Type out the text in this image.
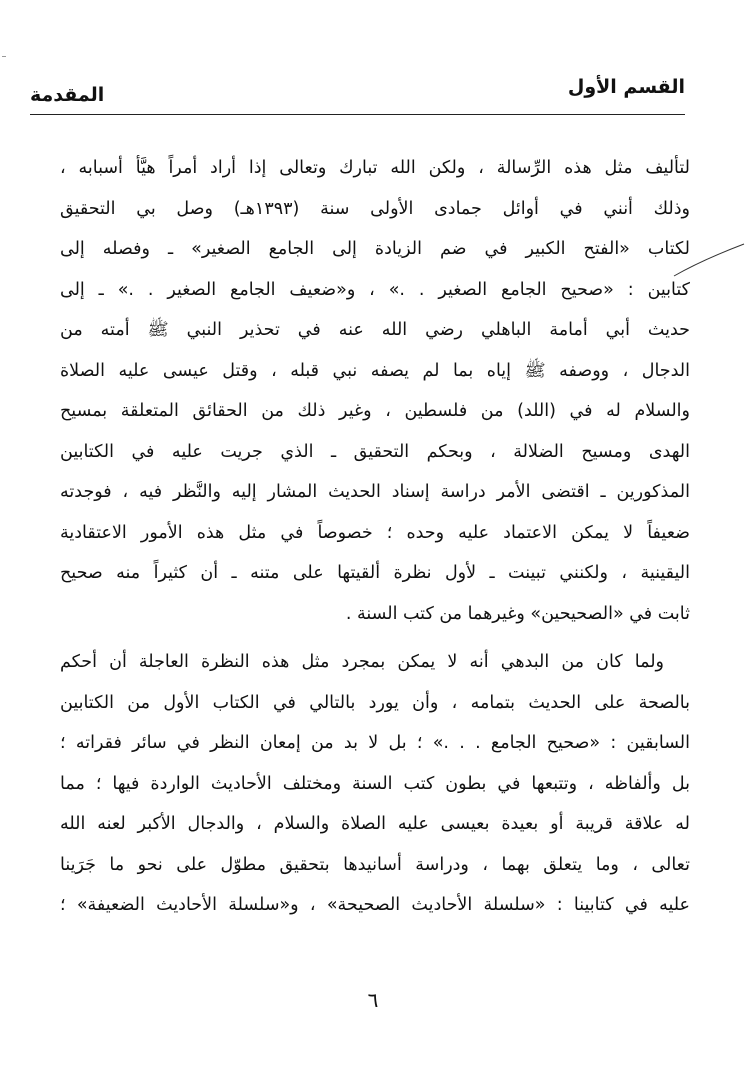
القسم الأول
المقدمة
لتأليف مثل هذه الرِّسالة ، ولكن الله تبارك وتعالى إذا أراد أمراً هيَّأ أسبابه ،
وذلك أنني في أوائل جمادى الأولى سنة (١٣٩٣هـ) وصل بي التحقيق
لكتاب «الفتح الكبير في ضم الزيادة إلى الجامع الصغير» ـ وفصله إلى
كتابين : «صحيح الجامع الصغير . .» ، و«ضعيف الجامع الصغير . .» ـ إلى
حديث أبي أمامة الباهلي رضي الله عنه في تحذير النبي ﷺ أمته من
الدجال ، ووصفه ﷺ إياه بما لم يصفه نبي قبله ، وقتل عيسى عليه الصلاة
والسلام له في (اللد) من فلسطين ، وغير ذلك من الحقائق المتعلقة بمسيح
الهدى ومسيح الضلالة ، وبحكم التحقيق ـ الذي جريت عليه في الكتابين
المذكورين ـ اقتضى الأمر دراسة إسناد الحديث المشار إليه والنَّظر فيه ، فوجدته
ضعيفاً لا يمكن الاعتماد عليه وحده ؛ خصوصاً في مثل هذه الأمور الاعتقادية
اليقينية ، ولكنني تبينت ـ لأول نظرة ألقيتها على متنه ـ أن كثيراً منه صحيح
ثابت في «الصحيحين» وغيرهما من كتب السنة .
ولما كان من البدهي أنه لا يمكن بمجرد مثل هذه النظرة العاجلة أن أحكم
بالصحة على الحديث بتمامه ، وأن يورد بالتالي في الكتاب الأول من الكتابين
السابقين : «صحيح الجامع . . .» ؛ بل لا بد من إمعان النظر في سائر فقراته ؛
بل وألفاظه ، وتتبعها في بطون كتب السنة ومختلف الأحاديث الواردة فيها ؛ مما
له علاقة قريبة أو بعيدة بعيسى عليه الصلاة والسلام ، والدجال الأكبر لعنه الله
تعالى ، وما يتعلق بهما ، ودراسة أسانيدها بتحقيق مطوّل على نحو ما جَرَينا
عليه في كتابينا : «سلسلة الأحاديث الصحيحة» ، و«سلسلة الأحاديث الضعيفة» ؛
٦
